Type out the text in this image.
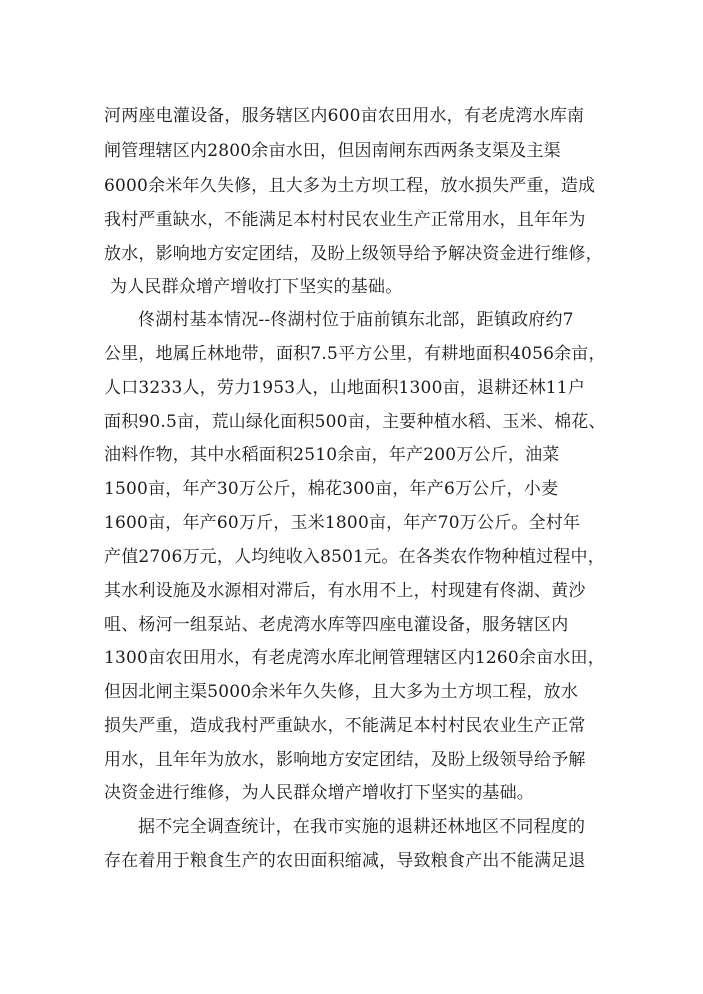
河两座电灌设备，服务辖区内600亩农田用水，有老虎湾水库南
闸管理辖区内2800余亩水田，但因南闸东西两条支渠及主渠
6000余米年久失修，且大多为土方坝工程，放水损失严重，造成
我村严重缺水，不能满足本村村民农业生产正常用水，且年年为
放水，影响地方安定团结，及盼上级领导给予解决资金进行维修，
为人民群众增产增收打下坚实的基础。
佟湖村基本情况--佟湖村位于庙前镇东北部，距镇政府约7
公里，地属丘林地带，面积7.5平方公里，有耕地面积4056余亩，
人口3233人，劳力1953人，山地面积1300亩，退耕还林11户
面积90.5亩，荒山绿化面积500亩，主要种植水稻、玉米、棉花、
油料作物，其中水稻面积2510余亩，年产200万公斤，油菜
1500亩，年产30万公斤，棉花300亩，年产6万公斤，小麦
1600亩，年产60万斤，玉米1800亩，年产70万公斤。全村年
产值2706万元，人均纯收入8501元。在各类农作物种植过程中，
其水利设施及水源相对滞后，有水用不上，村现建有佟湖、黄沙
咀、杨河一组泵站、老虎湾水库等四座电灌设备，服务辖区内
1300亩农田用水，有老虎湾水库北闸管理辖区内1260余亩水田，
但因北闸主渠5000余米年久失修，且大多为土方坝工程，放水
损失严重，造成我村严重缺水，不能满足本村村民农业生产正常
用水，且年年为放水，影响地方安定团结，及盼上级领导给予解
决资金进行维修，为人民群众增产增收打下坚实的基础。
据不完全调查统计，在我市实施的退耕还林地区不同程度的
存在着用于粮食生产的农田面积缩减，导致粮食产出不能满足退
